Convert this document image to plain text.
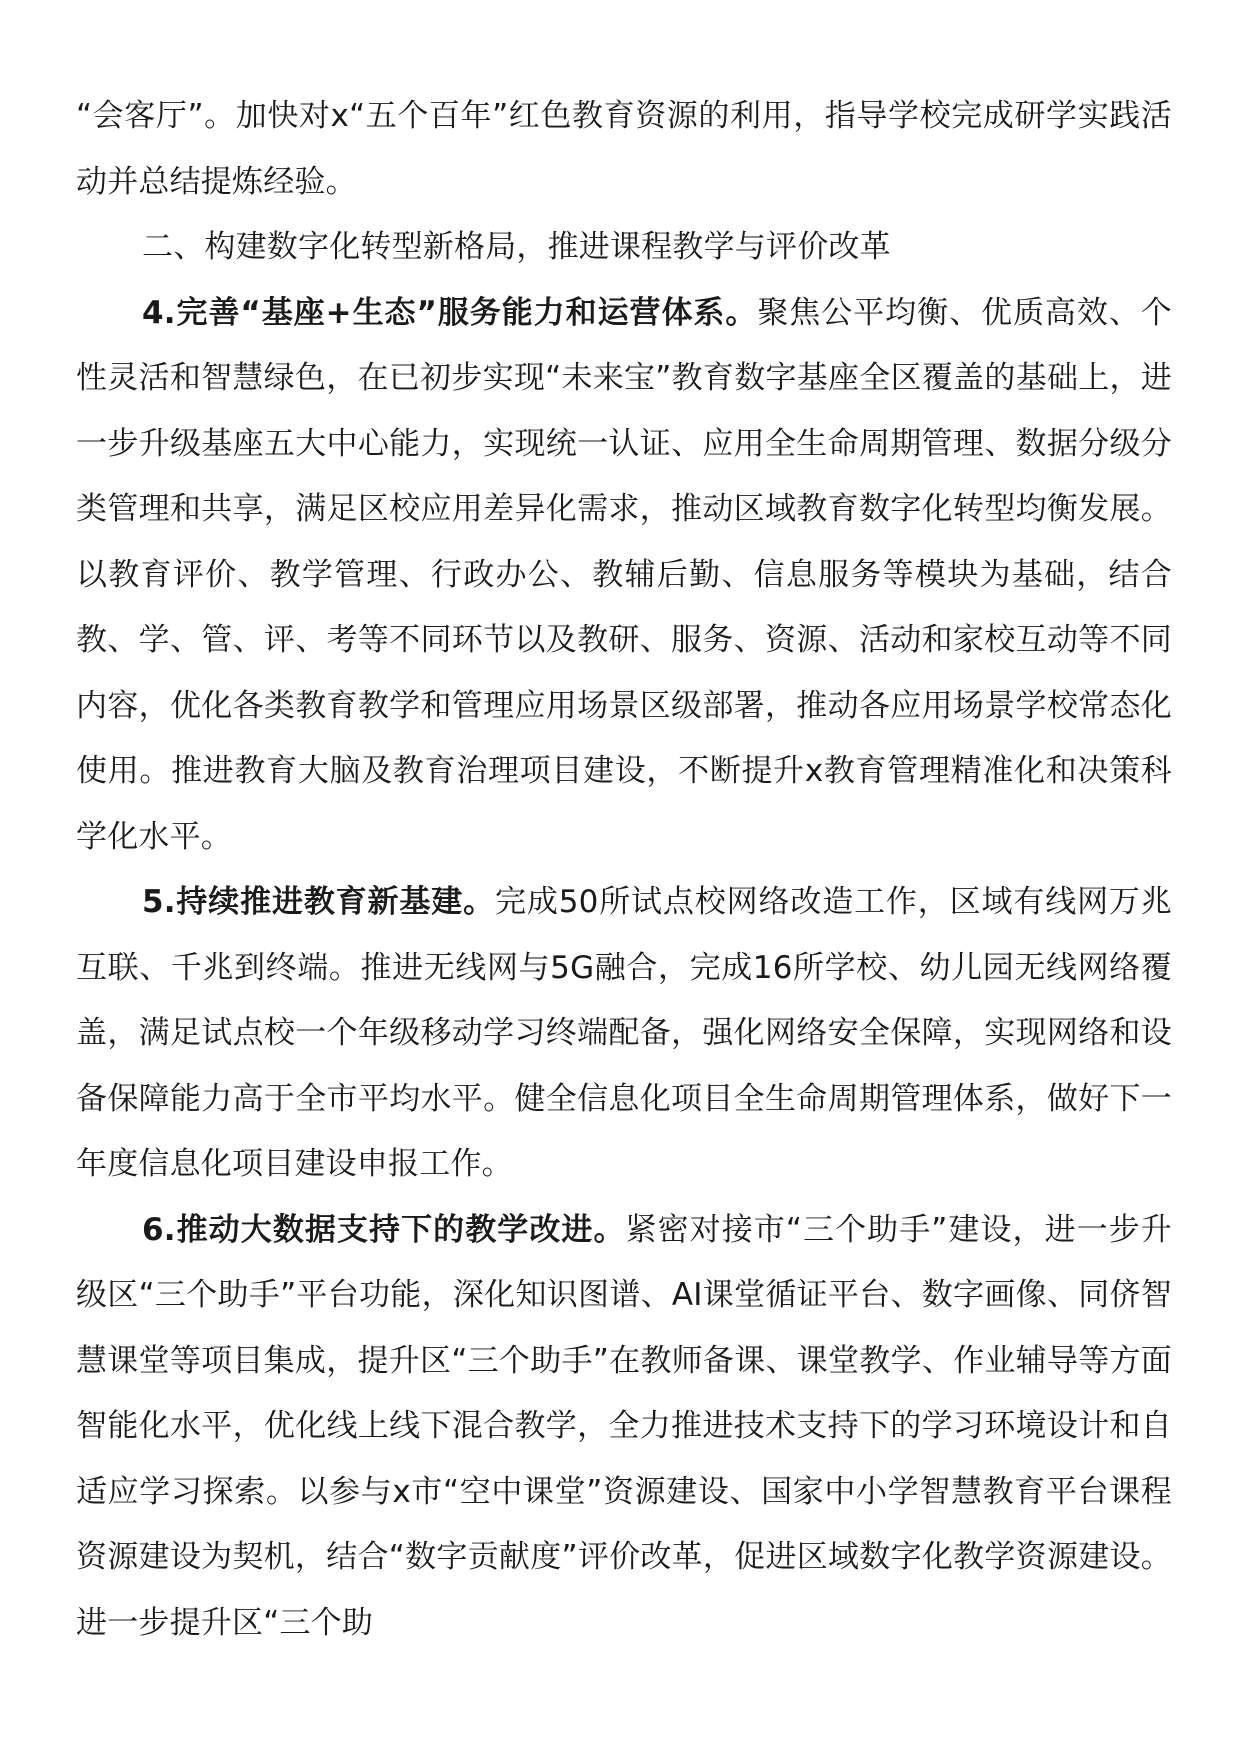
“会客厅”。加快对x“五个百年”红色教育资源的利用，指导学校完成研学实践活动并总结提炼经验。

二、构建数字化转型新格局，推进课程教学与评价改革

4.完善“基座+生态”服务能力和运营体系。聚焦公平均衡、优质高效、个性灵活和智慧绿色，在已初步实现“未来宝”教育数字基座全区覆盖的基础上，进一步升级基座五大中心能力，实现统一认证、应用全生命周期管理、数据分级分类管理和共享，满足区校应用差异化需求，推动区域教育数字化转型均衡发展。以教育评价、教学管理、行政办公、教辅后勤、信息服务等模块为基础，结合教、学、管、评、考等不同环节以及教研、服务、资源、活动和家校互动等不同内容，优化各类教育教学和管理应用场景区级部署，推动各应用场景学校常态化使用。推进教育大脑及教育治理项目建设，不断提升x教育管理精准化和决策科学化水平。

5.持续推进教育新基建。完成50所试点校网络改造工作，区域有线网万兆互联、千兆到终端。推进无线网与5G融合，完成16所学校、幼儿园无线网络覆盖，满足试点校一个年级移动学习终端配备，强化网络安全保障，实现网络和设备保障能力高于全市平均水平。健全信息化项目全生命周期管理体系，做好下一年度信息化项目建设申报工作。

6.推动大数据支持下的教学改进。紧密对接市“三个助手”建设，进一步升级区“三个助手”平台功能，深化知识图谱、AI课堂循证平台、数字画像、同侪智慧课堂等项目集成，提升区“三个助手”在教师备课、课堂教学、作业辅导等方面智能化水平，优化线上线下混合教学，全力推进技术支持下的学习环境设计和自适应学习探索。以参与x市“空中课堂”资源建设、国家中小学智慧教育平台课程资源建设为契机，结合“数字贡献度”评价改革，促进区域数字化教学资源建设。进一步提升区“三个助
